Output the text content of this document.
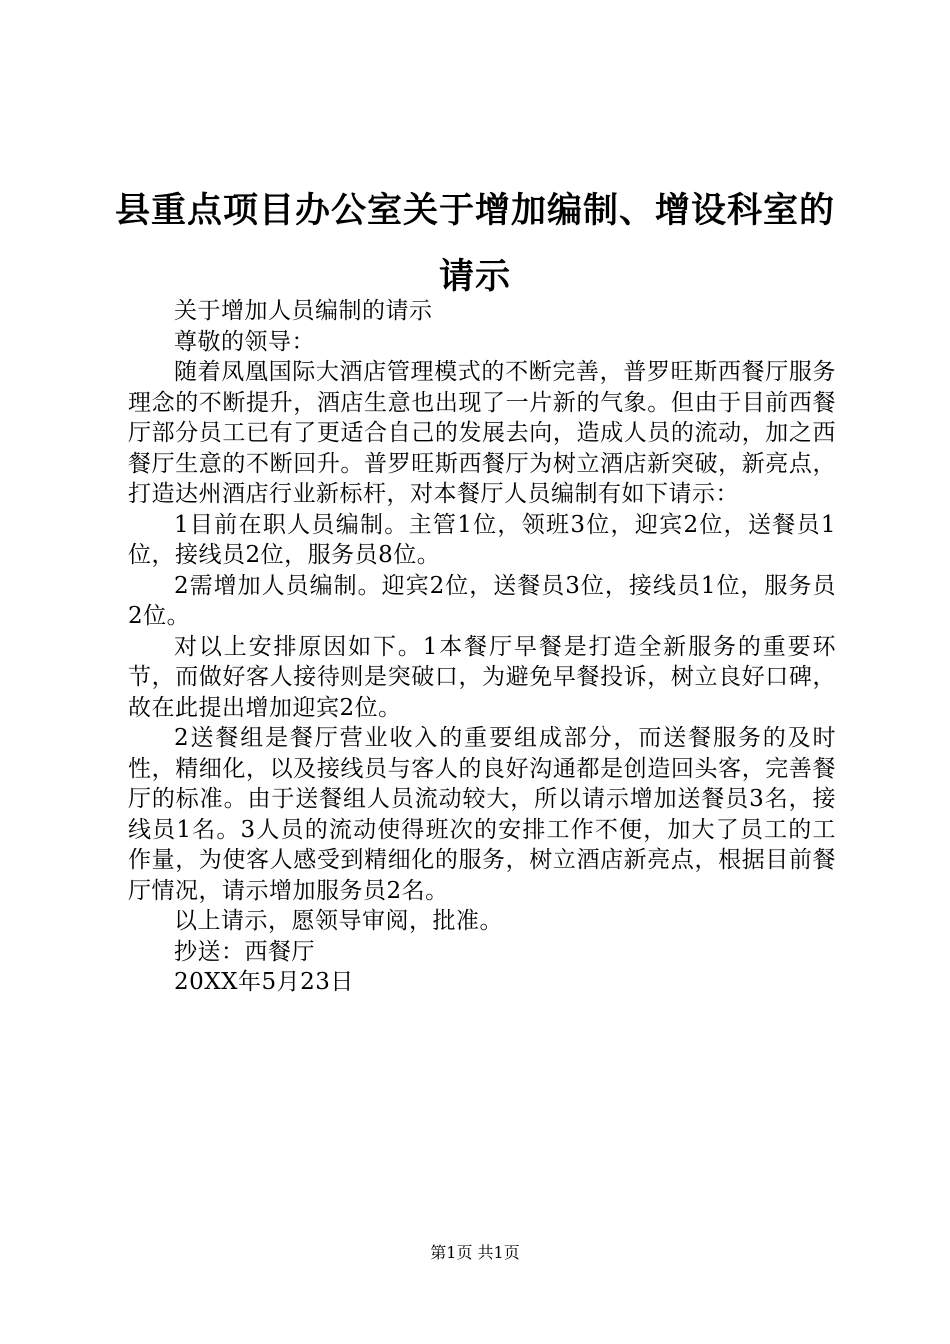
县重点项目办公室关于增加编制、增设科室的
请示

关于增加人员编制的请示

尊敬的领导：

随着凤凰国际大酒店管理模式的不断完善，普罗旺斯西餐厅服务理念的不断提升，酒店生意也出现了一片新的气象。但由于目前西餐厅部分员工已有了更适合自己的发展去向，造成人员的流动，加之西餐厅生意的不断回升。普罗旺斯西餐厅为树立酒店新突破，新亮点，打造达州酒店行业新标杆，对本餐厅人员编制有如下请示：

1目前在职人员编制。主管1位，领班3位，迎宾2位，送餐员1位，接线员2位，服务员8位。

2需增加人员编制。迎宾2位，送餐员3位，接线员1位，服务员2位。

对以上安排原因如下。1本餐厅早餐是打造全新服务的重要环节，而做好客人接待则是突破口，为避免早餐投诉，树立良好口碑，故在此提出增加迎宾2位。

2送餐组是餐厅营业收入的重要组成部分，而送餐服务的及时性，精细化，以及接线员与客人的良好沟通都是创造回头客，完善餐厅的标准。由于送餐组人员流动较大，所以请示增加送餐员3名，接线员1名。3人员的流动使得班次的安排工作不便，加大了员工的工作量，为使客人感受到精细化的服务，树立酒店新亮点，根据目前餐厅情况，请示增加服务员2名。

以上请示，愿领导审阅，批准。

抄送：西餐厅

20XX年5月23日

第1页 共1页
